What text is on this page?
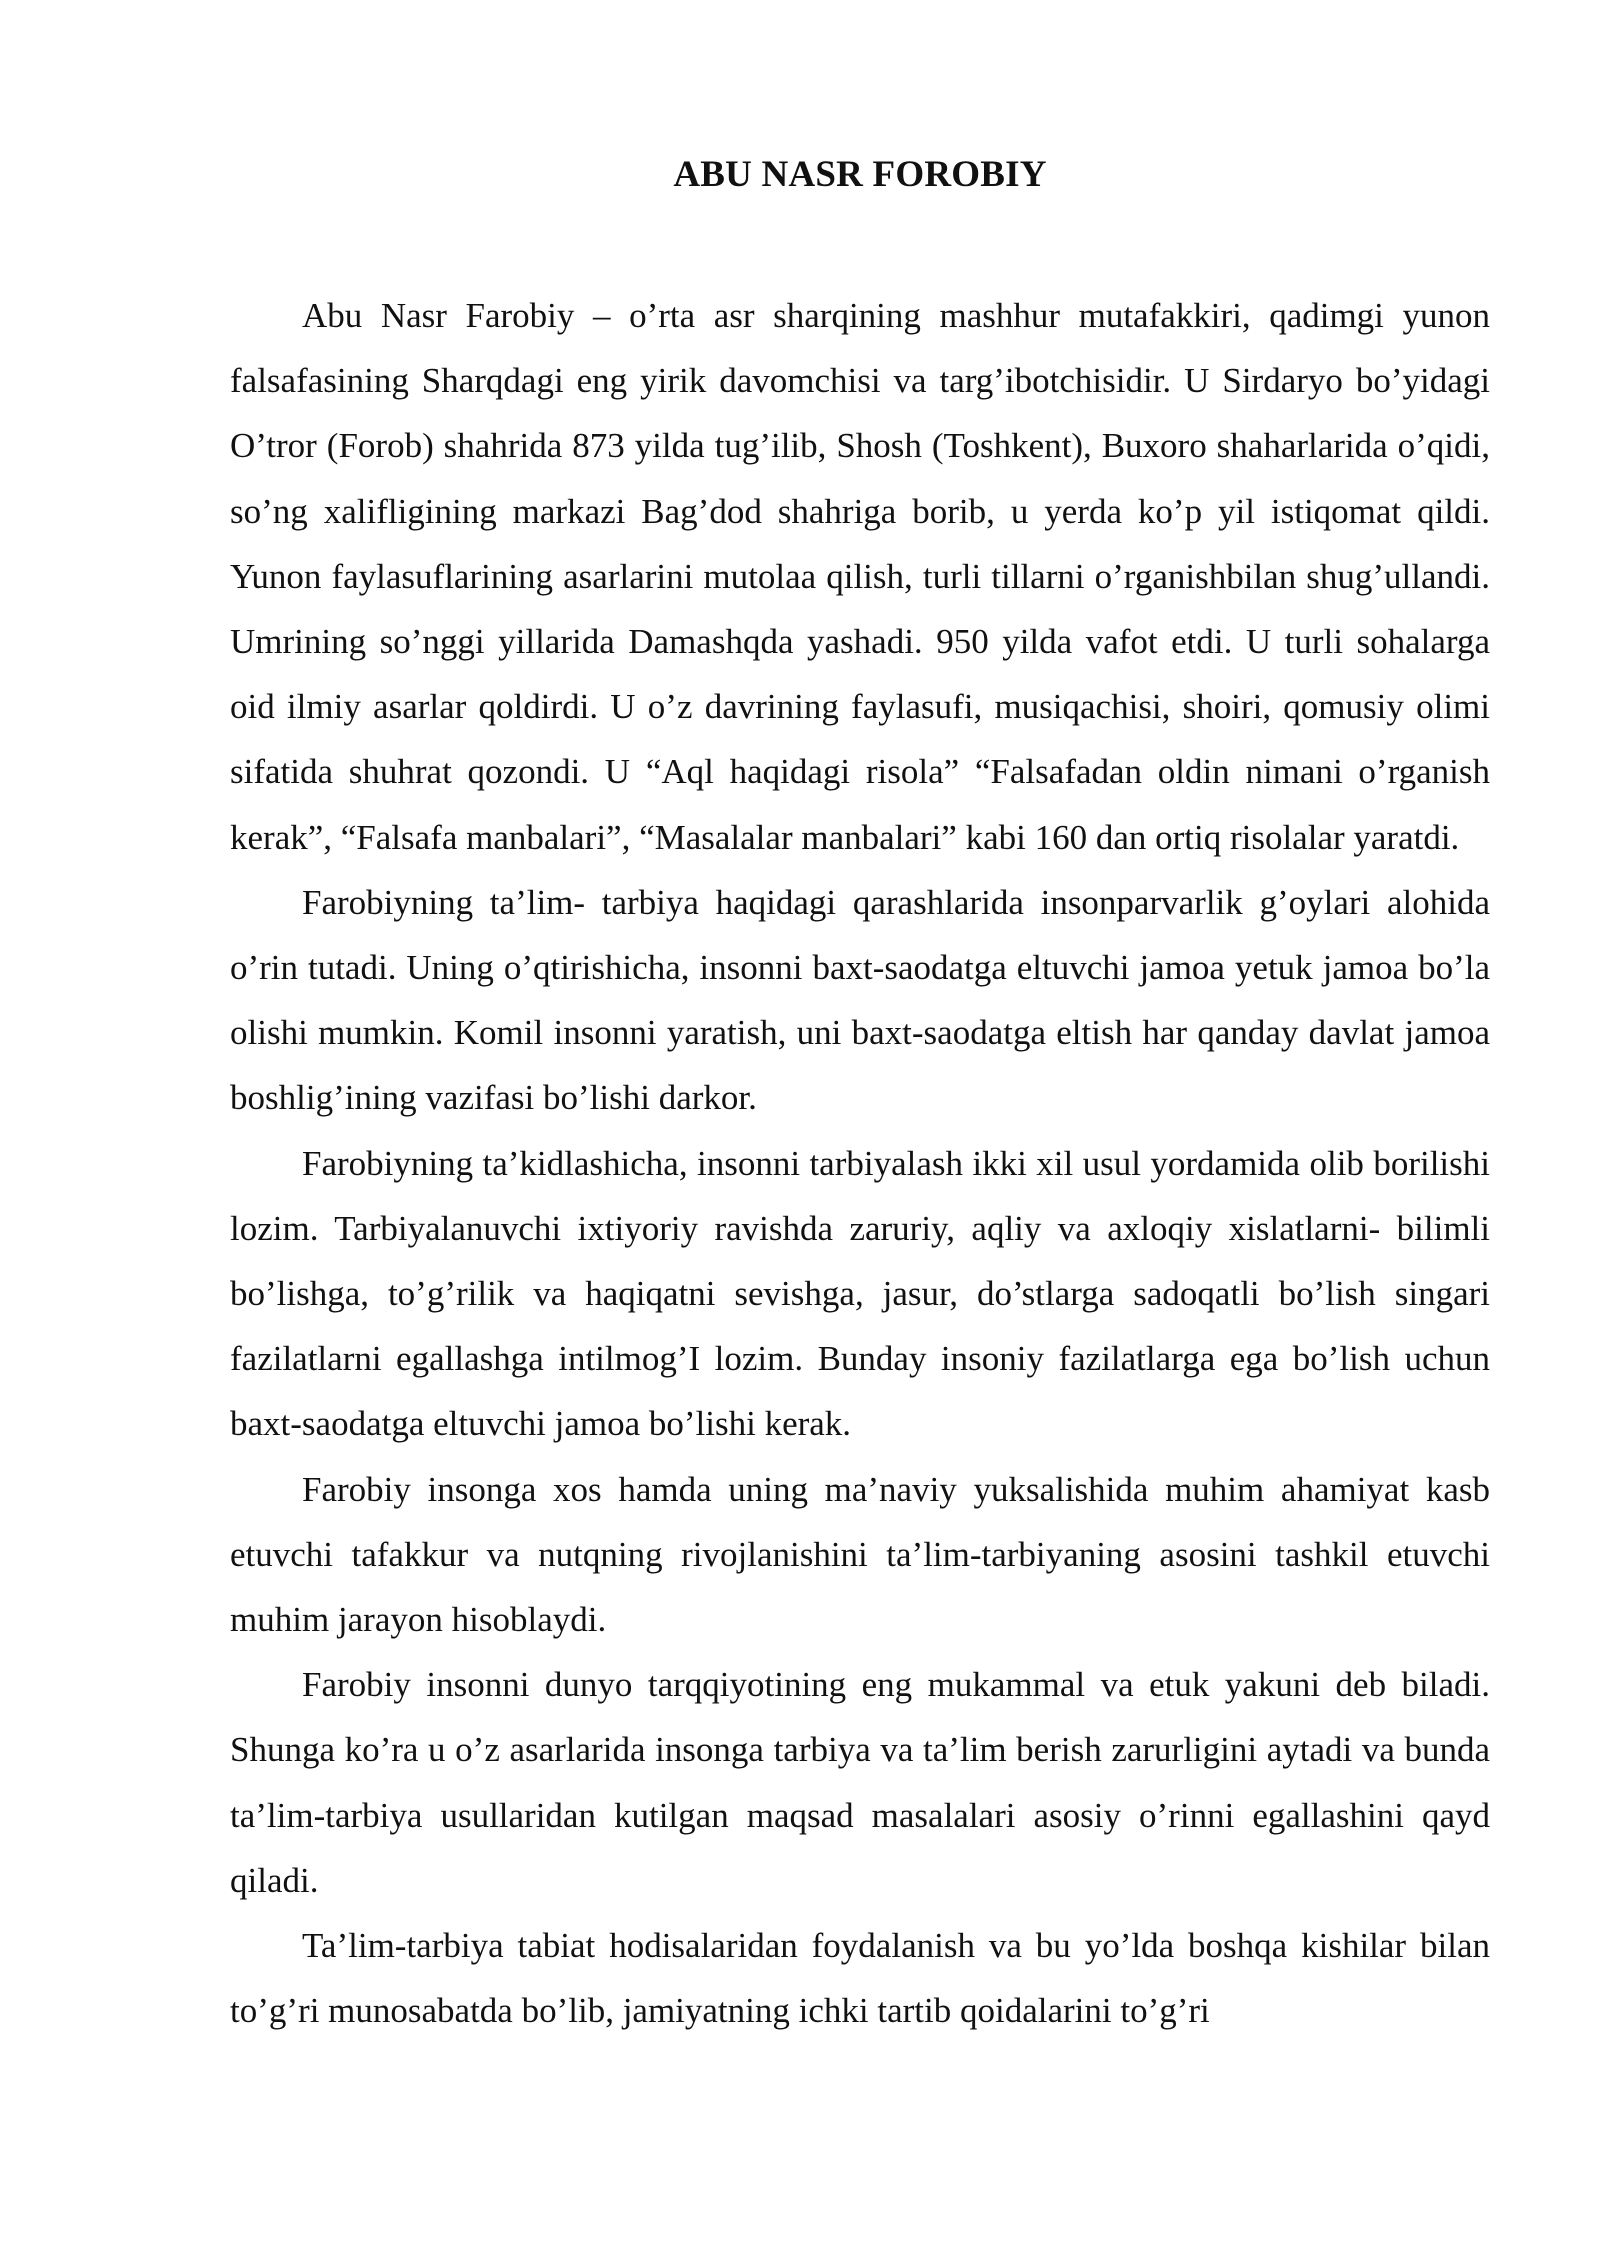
ABU NASR FOROBIY

Abu Nasr Farobiy – o’rta asr sharqining mashhur mutafakkiri, qadimgi yunon falsafasining Sharqdagi eng yirik davomchisi va targ’ibotchisidir. U Sirdaryo bo’yidagi O’tror (Forob) shahrida 873 yilda tug’ilib, Shosh (Toshkent), Buxoro shaharlarida o’qidi, so’ng xalifligining markazi Bag’dod shahriga borib, u yerda ko’p yil istiqomat qildi. Yunon faylasuflarining asarlarini mutolaa qilish, turli tillarni o’rganishbilan shug’ullandi. Umrining so’nggi yillarida Damashqda yashadi. 950 yilda vafot etdi. U turli sohalarga oid ilmiy asarlar qoldirdi. U o’z davrining faylasufi, musiqachisi, shoiri, qomusiy olimi sifatida shuhrat qozondi. U “Aql haqidagi risola” “Falsafadan oldin nimani o’rganish kerak”, “Falsafa manbalari”, “Masalalar manbalari” kabi 160 dan ortiq risolalar yaratdi.

Farobiyning ta’lim- tarbiya haqidagi qarashlarida insonparvarlik g’oylari alohida o’rin tutadi. Uning o’qtirishicha, insonni baxt-saodatga eltuvchi jamoa yetuk jamoa bo’la olishi mumkin. Komil insonni yaratish, uni baxt-saodatga eltish har qanday davlat jamoa boshlig’ining vazifasi bo’lishi darkor.

Farobiyning ta’kidlashicha, insonni tarbiyalash ikki xil usul yordamida olib borilishi lozim. Tarbiyalanuvchi ixtiyoriy ravishda zaruriy, aqliy va axloqiy xislatlarni- bilimli bo’lishga, to’g’rilik va haqiqatni sevishga, jasur, do’stlarga sadoqatli bo’lish singari fazilatlarni egallashga intilmog’I lozim. Bunday insoniy fazilatlarga ega bo’lish uchun baxt-saodatga eltuvchi jamoa bo’lishi kerak.

Farobiy insonga xos hamda uning ma’naviy yuksalishida muhim ahamiyat kasb etuvchi tafakkur va nutqning rivojlanishini ta’lim-tarbiyaning asosini tashkil etuvchi muhim jarayon hisoblaydi.

Farobiy insonni dunyo tarqqiyotining eng mukammal va etuk yakuni deb biladi. Shunga ko’ra u o’z asarlarida insonga tarbiya va ta’lim berish zarurligini aytadi va bunda ta’lim-tarbiya usullaridan kutilgan maqsad masalalari asosiy o’rinni egallashini qayd qiladi.

Ta’lim-tarbiya tabiat hodisalaridan foydalanish va bu yo’lda boshqa kishilar bilan to’g’ri munosabatda bo’lib, jamiyatning ichki tartib qoidalarini to’g’ri
